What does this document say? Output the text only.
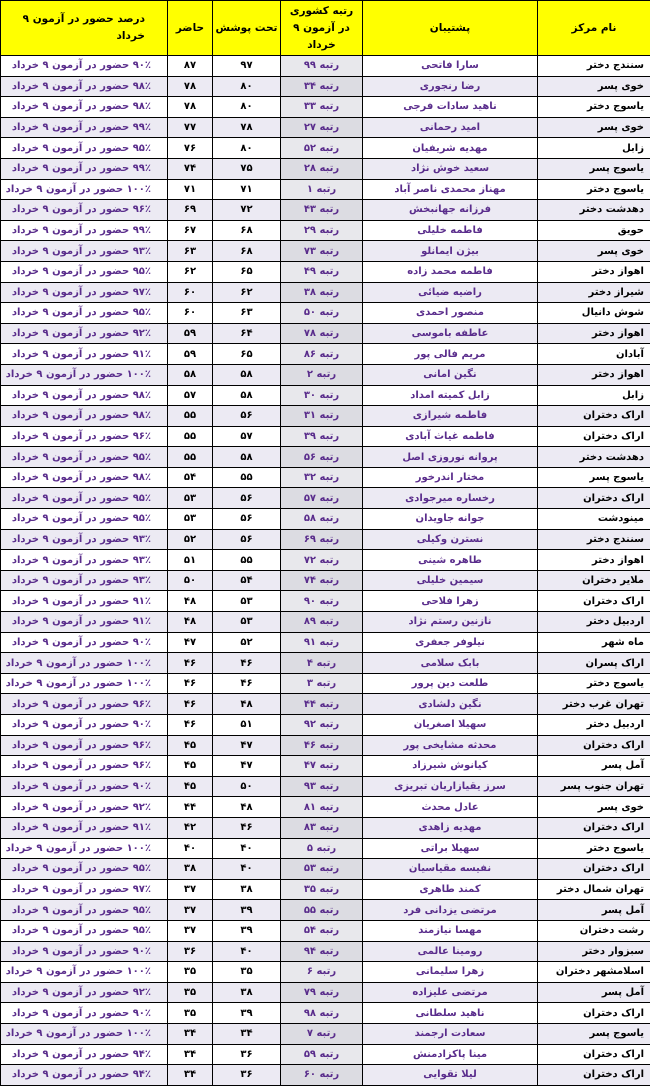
نام مرکز	پشتیبان	رتبه کشوری در آزمون ۹ خرداد	تحت پوشش	حاضر	درصد حضور در آزمون ۹ خرداد
سنندج دختر	سارا فاتحی	رتبه ۹۹	۹۷	۸۷	۹۰٪ حضور در آزمون ۹ خرداد
خوی پسر	رضا رنجوری	رتبه ۳۴	۸۰	۷۸	۹۸٪ حضور در آزمون ۹ خرداد
یاسوج دختر	ناهید سادات فرجی	رتبه ۳۳	۸۰	۷۸	۹۸٪ حضور در آزمون ۹ خرداد
خوی پسر	امید رحمانی	رتبه ۲۷	۷۸	۷۷	۹۹٪ حضور در آزمون ۹ خرداد
زابل	مهدیه شریفیان	رتبه ۵۲	۸۰	۷۶	۹۵٪ حضور در آزمون ۹ خرداد
یاسوج پسر	سعید خوش نژاد	رتبه ۲۸	۷۵	۷۴	۹۹٪ حضور در آزمون ۹ خرداد
یاسوج دختر	مهناز محمدی ناصر آباد	رتبه ۱	۷۱	۷۱	۱۰۰٪ حضور در آزمون ۹ خرداد
دهدشت دختر	فرزانه جهانبخش	رتبه ۴۳	۷۲	۶۹	۹۶٪ حضور در آزمون ۹ خرداد
حویق	فاطمه خلیلی	رتبه ۲۹	۶۸	۶۷	۹۹٪ حضور در آزمون ۹ خرداد
خوی پسر	بیژن ایمانلو	رتبه ۷۳	۶۸	۶۳	۹۳٪ حضور در آزمون ۹ خرداد
اهواز دختر	فاطمه محمد زاده	رتبه ۴۹	۶۵	۶۲	۹۵٪ حضور در آزمون ۹ خرداد
شیراز دختر	راضیه ضیائی	رتبه ۳۸	۶۲	۶۰	۹۷٪ حضور در آزمون ۹ خرداد
شوش دانیال	منصور احمدی	رتبه ۵۰	۶۳	۶۰	۹۵٪ حضور در آزمون ۹ خرداد
اهواز دختر	عاطفه باموسی	رتبه ۷۸	۶۴	۵۹	۹۲٪ حضور در آزمون ۹ خرداد
آبادان	مریم فالی پور	رتبه ۸۶	۶۵	۵۹	۹۱٪ حضور در آزمون ۹ خرداد
اهواز دختر	نگین امانی	رتبه ۲	۵۸	۵۸	۱۰۰٪ حضور در آزمون ۹ خرداد
زابل	زابل کمیته امداد	رتبه ۳۰	۵۸	۵۷	۹۸٪ حضور در آزمون ۹ خرداد
اراک دختران	فاطمه شیرازی	رتبه ۳۱	۵۶	۵۵	۹۸٪ حضور در آزمون ۹ خرداد
اراک دختران	فاطمه غیاث آبادی	رتبه ۳۹	۵۷	۵۵	۹۶٪ حضور در آزمون ۹ خرداد
دهدشت دختر	پروانه نوروزی اصل	رتبه ۵۶	۵۸	۵۵	۹۵٪ حضور در آزمون ۹ خرداد
یاسوج پسر	مختار اندرخور	رتبه ۳۲	۵۵	۵۴	۹۸٪ حضور در آزمون ۹ خرداد
اراک دختران	رخساره میرجوادی	رتبه ۵۷	۵۶	۵۳	۹۵٪ حضور در آزمون ۹ خرداد
مینودشت	جوانه جاویدان	رتبه ۵۸	۵۶	۵۳	۹۵٪ حضور در آزمون ۹ خرداد
سنندج دختر	نسترن وکیلی	رتبه ۶۹	۵۶	۵۲	۹۳٪ حضور در آزمون ۹ خرداد
اهواز دختر	طاهره شینی	رتبه ۷۲	۵۵	۵۱	۹۳٪ حضور در آزمون ۹ خرداد
ملایر دختران	سیمین خلیلی	رتبه ۷۴	۵۴	۵۰	۹۳٪ حضور در آزمون ۹ خرداد
اراک دختران	زهرا فلاحی	رتبه ۹۰	۵۳	۴۸	۹۱٪ حضور در آزمون ۹ خرداد
اردبیل دختر	نازنین رستم نژاد	رتبه ۸۹	۵۳	۴۸	۹۱٪ حضور در آزمون ۹ خرداد
ماه شهر	نیلوفر جعفری	رتبه ۹۱	۵۲	۴۷	۹۰٪ حضور در آزمون ۹ خرداد
اراک پسران	بابک سلامی	رتبه ۴	۴۶	۴۶	۱۰۰٪ حضور در آزمون ۹ خرداد
یاسوج دختر	طلعت دین پرور	رتبه ۳	۴۶	۴۶	۱۰۰٪ حضور در آزمون ۹ خرداد
تهران غرب دختر	نگین دلشادی	رتبه ۴۴	۴۸	۴۶	۹۶٪ حضور در آزمون ۹ خرداد
اردبیل دختر	سهیلا اصغریان	رتبه ۹۲	۵۱	۴۶	۹۰٪ حضور در آزمون ۹ خرداد
اراک دختران	محدثه مشایخی پور	رتبه ۴۶	۴۷	۴۵	۹۶٪ حضور در آزمون ۹ خرداد
آمل پسر	کیانوش شیرزاد	رتبه ۴۷	۴۷	۴۵	۹۶٪ حضور در آزمون ۹ خرداد
تهران جنوب پسر	سرز یقیازاریان تبریزی	رتبه ۹۳	۵۰	۴۵	۹۰٪ حضور در آزمون ۹ خرداد
خوی پسر	عادل محدث	رتبه ۸۱	۴۸	۴۴	۹۲٪ حضور در آزمون ۹ خرداد
اراک دختران	مهدیه زاهدی	رتبه ۸۳	۴۶	۴۲	۹۱٪ حضور در آزمون ۹ خرداد
یاسوج دختر	سهیلا براتی	رتبه ۵	۴۰	۴۰	۱۰۰٪ حضور در آزمون ۹ خرداد
اراک دختران	نفیسه مقیاسیان	رتبه ۵۳	۴۰	۳۸	۹۵٪ حضور در آزمون ۹ خرداد
تهران شمال دختر	کمند طاهری	رتبه ۳۵	۳۸	۳۷	۹۷٪ حضور در آزمون ۹ خرداد
آمل پسر	مرتضی یزدانی فرد	رتبه ۵۵	۳۹	۳۷	۹۵٪ حضور در آزمون ۹ خرداد
رشت دختران	مهسا نیازمند	رتبه ۵۴	۳۹	۳۷	۹۵٪ حضور در آزمون ۹ خرداد
سبزوار دختر	رومینا عالمی	رتبه ۹۴	۴۰	۳۶	۹۰٪ حضور در آزمون ۹ خرداد
اسلامشهر دختران	زهرا سلیمانی	رتبه ۶	۳۵	۳۵	۱۰۰٪ حضور در آزمون ۹ خرداد
آمل پسر	مرتضی علیزاده	رتبه ۷۹	۳۸	۳۵	۹۲٪ حضور در آزمون ۹ خرداد
اراک دختران	ناهید سلطانی	رتبه ۹۸	۳۹	۳۵	۹۰٪ حضور در آزمون ۹ خرداد
یاسوج پسر	سعادت ارجمند	رتبه ۷	۳۴	۳۴	۱۰۰٪ حضور در آزمون ۹ خرداد
اراک دختران	مینا پاکزادمنش	رتبه ۵۹	۳۶	۳۴	۹۴٪ حضور در آزمون ۹ خرداد
اراک دختران	لیلا تقوایی	رتبه ۶۰	۳۶	۳۴	۹۴٪ حضور در آزمون ۹ خرداد
